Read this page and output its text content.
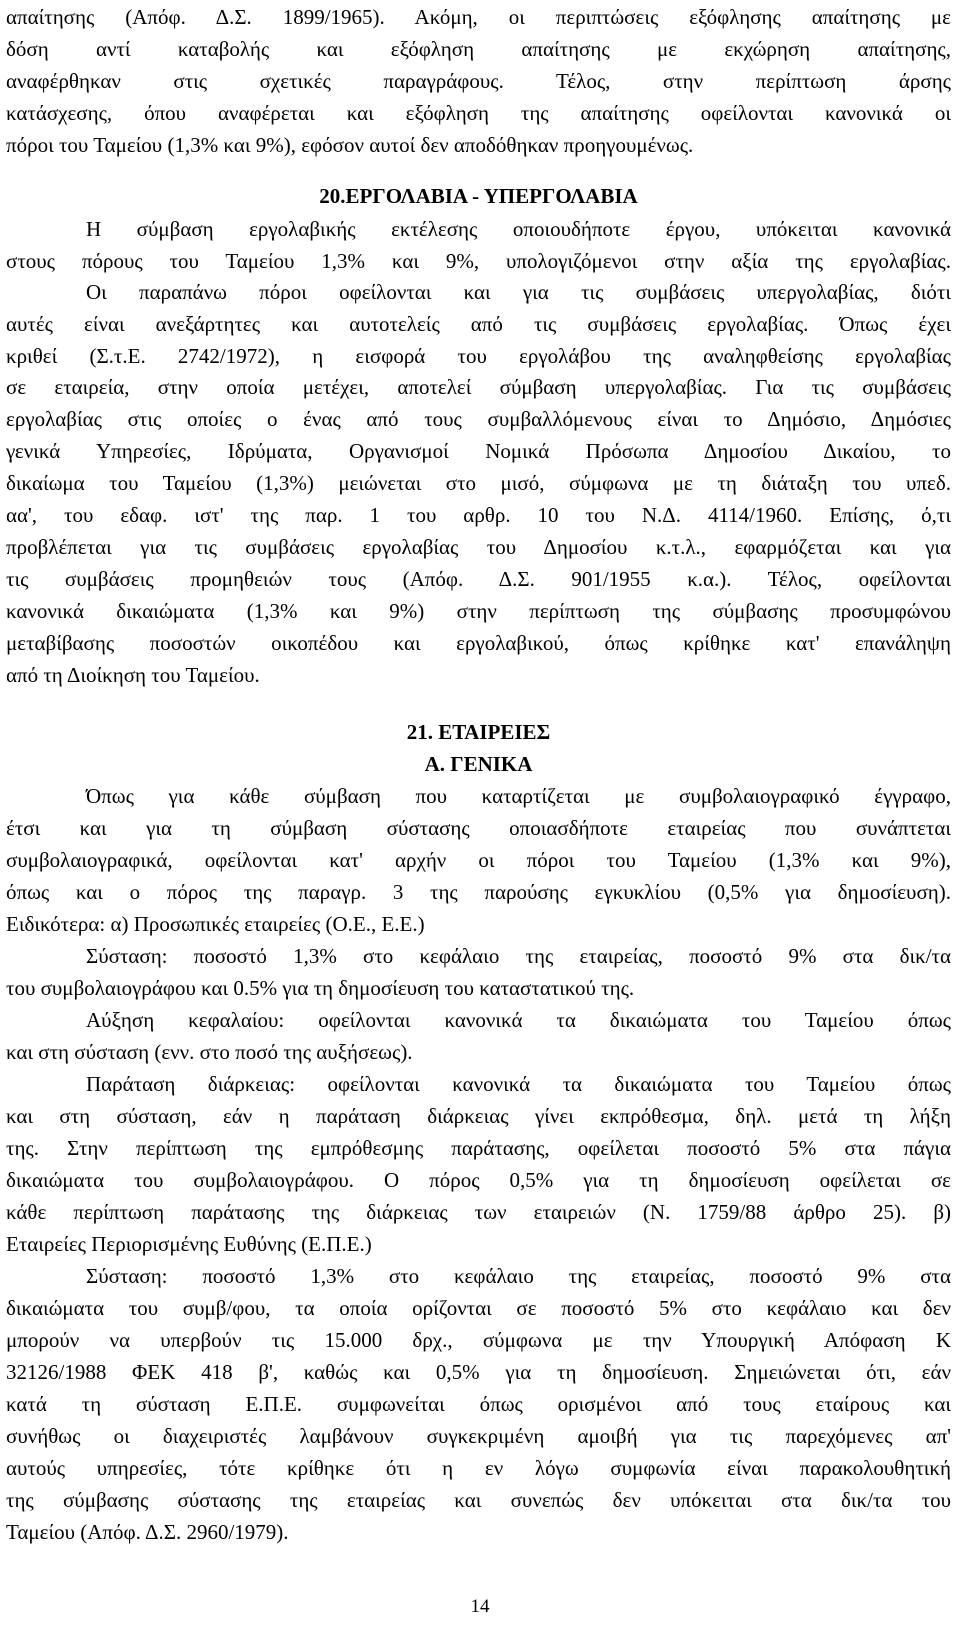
απαίτησης (Απόφ. Δ.Σ. 1899/1965). Ακόμη, οι περιπτώσεις εξόφλησης απαίτησης με
δόση αντί καταβολής και εξόφληση απαίτησης με εκχώρηση απαίτησης,
αναφέρθηκαν στις σχετικές παραγράφους. Τέλος, στην περίπτωση άρσης
κατάσχεσης, όπου αναφέρεται και εξόφληση της απαίτησης οφείλονται κανονικά οι
πόροι του Ταμείου (1,3% και 9%), εφόσον αυτοί δεν αποδόθηκαν προηγουμένως.
20.ΕΡΓΟΛΑΒΙΑ - ΥΠΕΡΓΟΛΑΒΙΑ
Η σύμβαση εργολαβικής εκτέλεσης οποιουδήποτε έργου, υπόκειται κανονικά
στους πόρους του Ταμείου 1,3% και 9%, υπολογιζόμενοι στην αξία της εργολαβίας.
Οι παραπάνω πόροι οφείλονται και για τις συμβάσεις υπεργολαβίας, διότι
αυτές είναι ανεξάρτητες και αυτοτελείς από τις συμβάσεις εργολαβίας. Όπως έχει
κριθεί (Σ.τ.Ε. 2742/1972), η εισφορά του εργολάβου της αναληφθείσης εργολαβίας
σε εταιρεία, στην οποία μετέχει, αποτελεί σύμβαση υπεργολαβίας. Για τις συμβάσεις
εργολαβίας στις οποίες ο ένας από τους συμβαλλόμενους είναι το Δημόσιο, Δημόσιες
γενικά Υπηρεσίες, Ιδρύματα, Οργανισμοί Νομικά Πρόσωπα Δημοσίου Δικαίου, το
δικαίωμα του Ταμείου (1,3%) μειώνεται στο μισό, σύμφωνα με τη διάταξη του υπεδ.
αα', του εδαφ. ιστ' της παρ. 1 του αρθρ. 10 του Ν.Δ. 4114/1960. Επίσης, ό,τι
προβλέπεται για τις συμβάσεις εργολαβίας του Δημοσίου κ.τ.λ., εφαρμόζεται και για
τις συμβάσεις προμηθειών τους (Απόφ. Δ.Σ. 901/1955 κ.α.). Τέλος, οφείλονται
κανονικά δικαιώματα (1,3% και 9%) στην περίπτωση της σύμβασης προσυμφώνου
μεταβίβασης ποσοστών οικοπέδου και εργολαβικού, όπως κρίθηκε κατ' επανάληψη
από τη Διοίκηση του Ταμείου.
21. ΕΤΑΙΡΕΙΕΣ
Α. ΓΕΝΙΚΑ
Όπως για κάθε σύμβαση που καταρτίζεται με συμβολαιογραφικό έγγραφο,
έτσι και για τη σύμβαση σύστασης οποιασδήποτε εταιρείας που συνάπτεται
συμβολαιογραφικά, οφείλονται κατ' αρχήν οι πόροι του Ταμείου (1,3% και 9%),
όπως και ο πόρος της παραγρ. 3 της παρούσης εγκυκλίου (0,5% για δημοσίευση).
Ειδικότερα: α) Προσωπικές εταιρείες (Ο.Ε., Ε.Ε.)
Σύσταση: ποσοστό 1,3% στο κεφάλαιο της εταιρείας, ποσοστό 9% στα δικ/τα
του συμβολαιογράφου και 0.5% για τη δημοσίευση του καταστατικού της.
Αύξηση κεφαλαίου: οφείλονται κανονικά τα δικαιώματα του Ταμείου όπως
και στη σύσταση (ενν. στο ποσό της αυξήσεως).
Παράταση διάρκειας: οφείλονται κανονικά τα δικαιώματα του Ταμείου όπως
και στη σύσταση, εάν η παράταση διάρκειας γίνει εκπρόθεσμα, δηλ. μετά τη λήξη
της. Στην περίπτωση της εμπρόθεσμης παράτασης, οφείλεται ποσοστό 5% στα πάγια
δικαιώματα του συμβολαιογράφου. Ο πόρος 0,5% για τη δημοσίευση οφείλεται σε
κάθε περίπτωση παράτασης της διάρκειας των εταιρειών (Ν. 1759/88 άρθρο 25). β)
Εταιρείες Περιορισμένης Ευθύνης (Ε.Π.Ε.)
Σύσταση: ποσοστό 1,3% στο κεφάλαιο της εταιρείας, ποσοστό 9% στα
δικαιώματα του συμβ/φου, τα οποία ορίζονται σε ποσοστό 5% στο κεφάλαιο και δεν
μπορούν να υπερβούν τις 15.000 δρχ., σύμφωνα με την Υπουργική Απόφαση Κ
32126/1988 ΦΕΚ 418 β', καθώς και 0,5% για τη δημοσίευση. Σημειώνεται ότι, εάν
κατά τη σύσταση Ε.Π.Ε. συμφωνείται όπως ορισμένοι από τους εταίρους και
συνήθως οι διαχειριστές λαμβάνουν συγκεκριμένη αμοιβή για τις παρεχόμενες απ'
αυτούς υπηρεσίες, τότε κρίθηκε ότι η εν λόγω συμφωνία είναι παρακολουθητική
της σύμβασης σύστασης της εταιρείας και συνεπώς δεν υπόκειται στα δικ/τα του
Ταμείου (Απόφ. Δ.Σ. 2960/1979).
14
